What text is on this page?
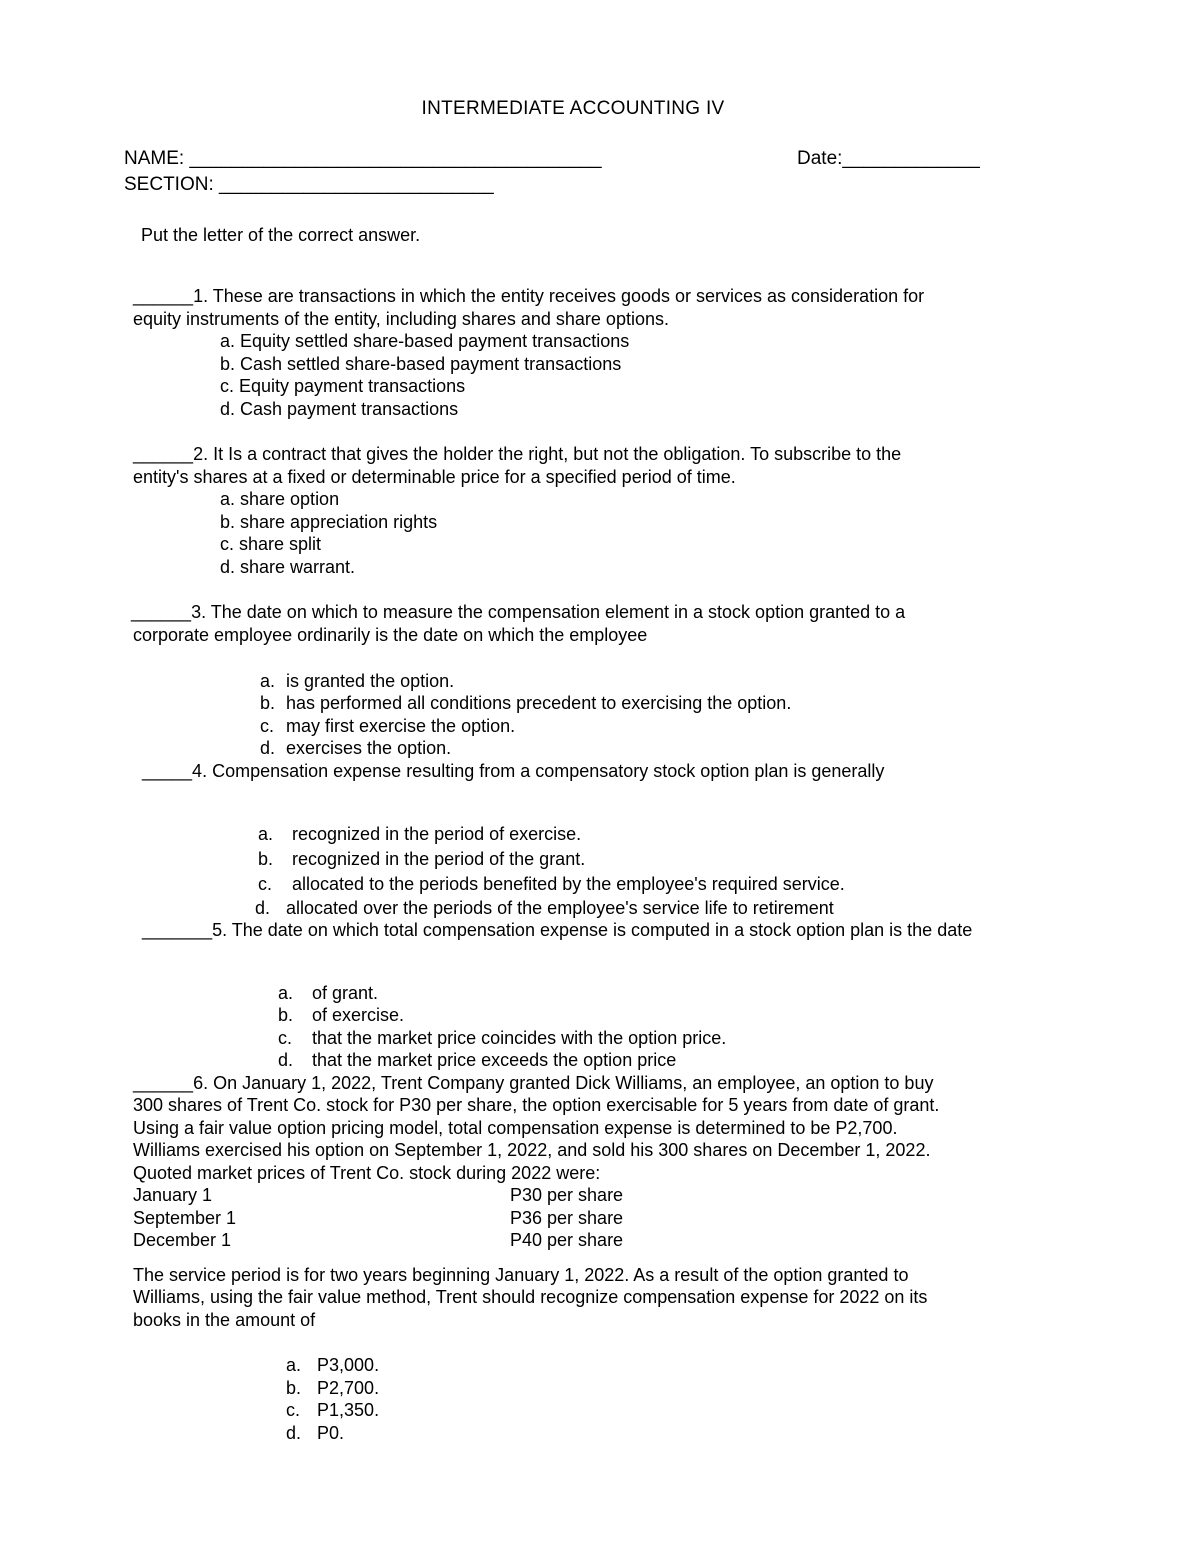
INTERMEDIATE ACCOUNTING IV
NAME: _______________________________________	Date:_____________
SECTION: __________________________
Put the letter of the correct answer.
______1. These are transactions in which the entity receives goods or services as consideration for
equity instruments of the entity, including shares and share options.
a. Equity settled share-based payment transactions
b. Cash settled share-based payment transactions
c. Equity payment transactions
d. Cash payment transactions
______2. It Is a contract that gives the holder the right, but not the obligation. To subscribe to the
entity's shares at a fixed or determinable price for a specified period of time.
a. share option
b. share appreciation rights
c. share split
d. share warrant.
______3. The date on which to measure the compensation element in a stock option granted to a
corporate employee ordinarily is the date on which the employee

a. is granted the option.

b. has performed all conditions precedent to exercising the option.

c. may first exercise the option.

d. exercises the option.

_____4. Compensation expense resulting from a compensatory stock option plan is generally

a. recognized in the period of exercise.

b. recognized in the period of the grant.

c. allocated to the periods benefited by the employee's required service.

d. allocated over the periods of the employee's service life to retirement

_______5. The date on which total compensation expense is computed in a stock option plan is the date

a. of grant.

b. of exercise.

c. that the market price coincides with the option price.

d. that the market price exceeds the option price

______6. On January 1, 2022, Trent Company granted Dick Williams, an employee, an option to buy
300 shares of Trent Co. stock for P30 per share, the option exercisable for 5 years from date of grant.
Using a fair value option pricing model, total compensation expense is determined to be P2,700.
Williams exercised his option on September 1, 2022, and sold his 300 shares on December 1, 2022.
Quoted market prices of Trent Co. stock during 2022 were:
January 1	P30 per share
September 1	P36 per share
December 1	P40 per share
The service period is for two years beginning January 1, 2022. As a result of the option granted to
Williams, using the fair value method, Trent should recognize compensation expense for 2022 on its
books in the amount of

a. P3,000.

b. P2,700.

c. P1,350.

d. P0.
